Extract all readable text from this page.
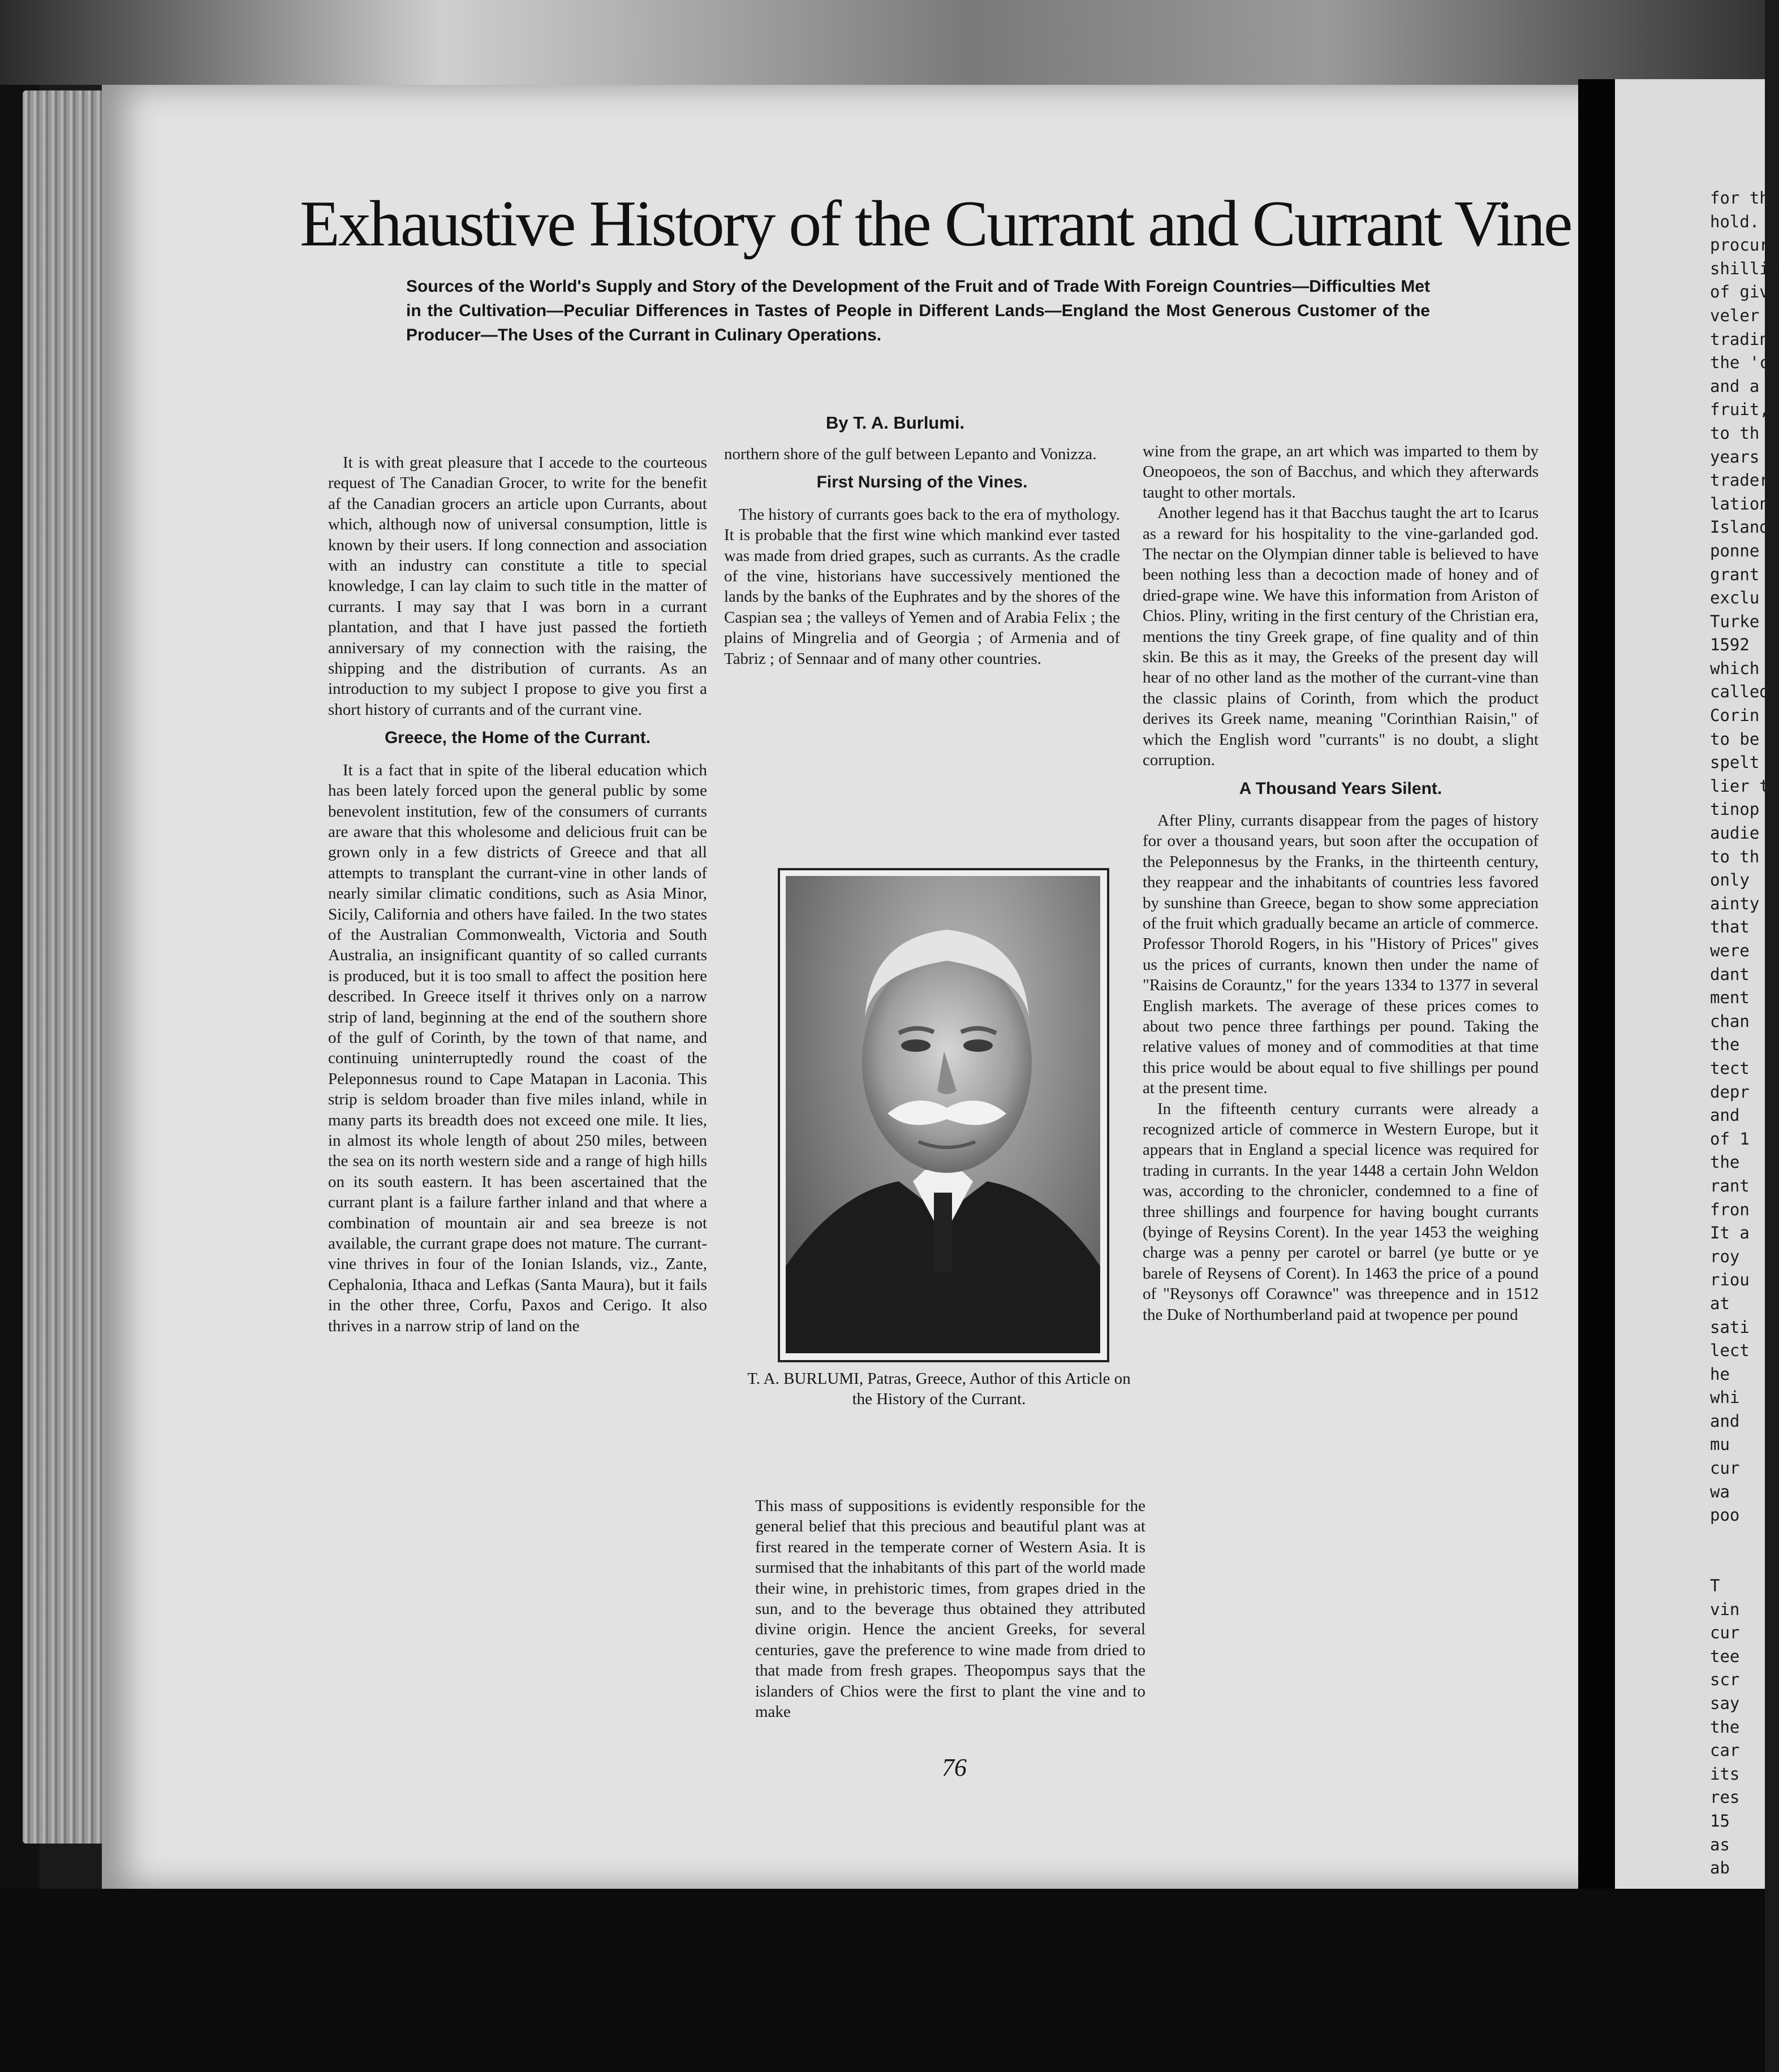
for th
hold.
procur
shillin
of giv
veler
tradin
the 'c
and a
fruit,
to th
years
trader
lation
Island
ponne
grant
exclu
Turke
1592
which
called
Corin
to be
spelt
lier t
tinop
audie
to th
only
ainty
that
were
dant
ment
chan
the
tect
depr
and
of 1
the
rant
fron
It a
roy
riou
at
sati
lect
he
whi
and
mu
cur
wa
poo

T
vin
cur
tee
scr
say
the
car
its
res
15
as
ab
Exhaustive History of the Currant and Currant Vine

Sources of the World's Supply and Story of the Development of the Fruit and of Trade With Foreign Countries—Difficulties Met in the Cultivation—Peculiar Differences in Tastes of People in Different Lands—England the Most Generous Customer of the Producer—The Uses of the Currant in Culinary Operations.

By T. A. Burlumi.

It is with great pleasure that I accede to the courteous request of The Canadian Grocer, to write for the benefit af the Canadian grocers an article upon Currants, about which, although now of universal consumption, little is known by their users. If long connection and association with an industry can constitute a title to special knowledge, I can lay claim to such title in the matter of currants. I may say that I was born in a currant plantation, and that I have just passed the fortieth anniversary of my connection with the raising, the shipping and the distribution of currants. As an introduction to my subject I propose to give you first a short history of currants and of the currant vine.

Greece, the Home of the Currant.

It is a fact that in spite of the liberal education which has been lately forced upon the general public by some benevolent institution, few of the consumers of currants are aware that this wholesome and delicious fruit can be grown only in a few districts of Greece and that all attempts to transplant the currant-vine in other lands of nearly similar climatic conditions, such as Asia Minor, Sicily, California and others have failed. In the two states of the Australian Commonwealth, Victoria and South Australia, an insignificant quantity of so called currants is produced, but it is too small to affect the position here described. In Greece itself it thrives only on a narrow strip of land, beginning at the end of the southern shore of the gulf of Corinth, by the town of that name, and continuing uninterruptedly round the coast of the Peleponnesus round to Cape Matapan in Laconia. This strip is seldom broader than five miles inland, while in many parts its breadth does not exceed one mile. It lies, in almost its whole length of about 250 miles, between the sea on its north western side and a range of high hills on its south eastern. It has been ascertained that the currant plant is a failure farther inland and that where a combination of mountain air and sea breeze is not available, the currant grape does not mature. The currant-vine thrives in four of the Ionian Islands, viz., Zante, Cephalonia, Ithaca and Lefkas (Santa Maura), but it fails in the other three, Corfu, Paxos and Cerigo. It also thrives in a narrow strip of land on the

northern shore of the gulf between Lepanto and Vonizza.

First Nursing of the Vines.

The history of currants goes back to the era of mythology. It is probable that the first wine which mankind ever tasted was made from dried grapes, such as currants. As the cradle of the vine, historians have successively mentioned the lands by the banks of the Euphrates and by the shores of the Caspian sea ; the valleys of Yemen and of Arabia Felix ; the plains of Mingrelia and of Georgia ; of Armenia and of Tabriz ; of Sennaar and of many other countries.

T. A. BURLUMI, Patras, Greece, Author of this Article on the History of the Currant.

This mass of suppositions is evidently responsible for the general belief that this precious and beautiful plant was at first reared in the temperate corner of Western Asia. It is surmised that the inhabitants of this part of the world made their wine, in prehistoric times, from grapes dried in the sun, and to the beverage thus obtained they attributed divine origin. Hence the ancient Greeks, for several centuries, gave the preference to wine made from dried to that made from fresh grapes. Theopompus says that the islanders of Chios were the first to plant the vine and to make

wine from the grape, an art which was imparted to them by Oneopoeos, the son of Bacchus, and which they afterwards taught to other mortals.

Another legend has it that Bacchus taught the art to Icarus as a reward for his hospitality to the vine-garlanded god. The nectar on the Olympian dinner table is believed to have been nothing less than a decoction made of honey and of dried-grape wine. We have this information from Ariston of Chios. Pliny, writing in the first century of the Christian era, mentions the tiny Greek grape, of fine quality and of thin skin. Be this as it may, the Greeks of the present day will hear of no other land as the mother of the currant-vine than the classic plains of Corinth, from which the product derives its Greek name, meaning "Corinthian Raisin," of which the English word "currants" is no doubt, a slight corruption.

A Thousand Years Silent.

After Pliny, currants disappear from the pages of history for over a thousand years, but soon after the occupation of the Peleponnesus by the Franks, in the thirteenth century, they reappear and the inhabitants of countries less favored by sunshine than Greece, began to show some appreciation of the fruit which gradually became an article of commerce. Professor Thorold Rogers, in his "History of Prices" gives us the prices of currants, known then under the name of "Raisins de Corauntz," for the years 1334 to 1377 in several English markets. The average of these prices comes to about two pence three farthings per pound. Taking the relative values of money and of commodities at that time this price would be about equal to five shillings per pound at the present time.

In the fifteenth century currants were already a recognized article of commerce in Western Europe, but it appears that in England a special licence was required for trading in currants. In the year 1448 a certain John Weldon was, according to the chronicler, condemned to a fine of three shillings and fourpence for having bought currants (byinge of Reysins Corent). In the year 1453 the weighing charge was a penny per carotel or barrel (ye butte or ye barele of Reysens of Corent). In 1463 the price of a pound of "Reysonys off Corawnce" was threepence and in 1512 the Duke of Northumberland paid at twopence per pound

76
